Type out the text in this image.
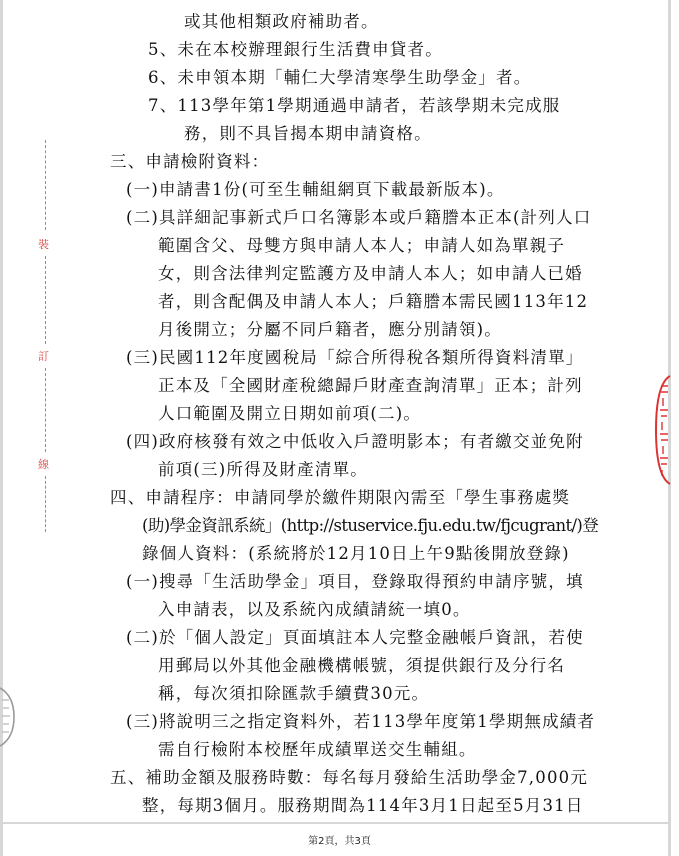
裝
訂
線
或其他相類政府補助者。
5、未在本校辦理銀行生活費申貸者。
6、未申領本期「輔仁大學清寒學生助學金」者。
7、113學年第1學期通過申請者，若該學期未完成服
務，則不具旨揭本期申請資格。
三、申請檢附資料：
(一)申請書1份(可至生輔組網頁下載最新版本)。
(二)具詳細記事新式戶口名簿影本或戶籍謄本正本(計列人口
範圍含父、母雙方與申請人本人；申請人如為單親子
女，則含法律判定監護方及申請人本人；如申請人已婚
者，則含配偶及申請人本人；戶籍謄本需民國113年12
月後開立；分屬不同戶籍者，應分別請領)。
(三)民國112年度國稅局「綜合所得稅各類所得資料清單」
正本及「全國財產稅總歸戶財產查詢清單」正本；計列
人口範圍及開立日期如前項(二)。
(四)政府核發有效之中低收入戶證明影本；有者繳交並免附
前項(三)所得及財產清單。
四、申請程序：申請同學於繳件期限內需至「學生事務處獎
(助)學金資訊系統」(http://stuservice.fju.edu.tw/fjcugrant/)登
錄個人資料：(系統將於12月10日上午9點後開放登錄)
(一)搜尋「生活助學金」項目，登錄取得預約申請序號，填
入申請表，以及系統內成績請統一填0。
(二)於「個人設定」頁面填註本人完整金融帳戶資訊，若使
用郵局以外其他金融機構帳號，須提供銀行及分行名
稱，每次須扣除匯款手續費30元。
(三)將說明三之指定資料外，若113學年度第1學期無成績者
需自行檢附本校歷年成績單送交生輔組。
五、補助金額及服務時數：每名每月發給生活助學金7,000元
整，每期3個月。服務期間為114年3月1日起至5月31日
第2頁，共3頁
